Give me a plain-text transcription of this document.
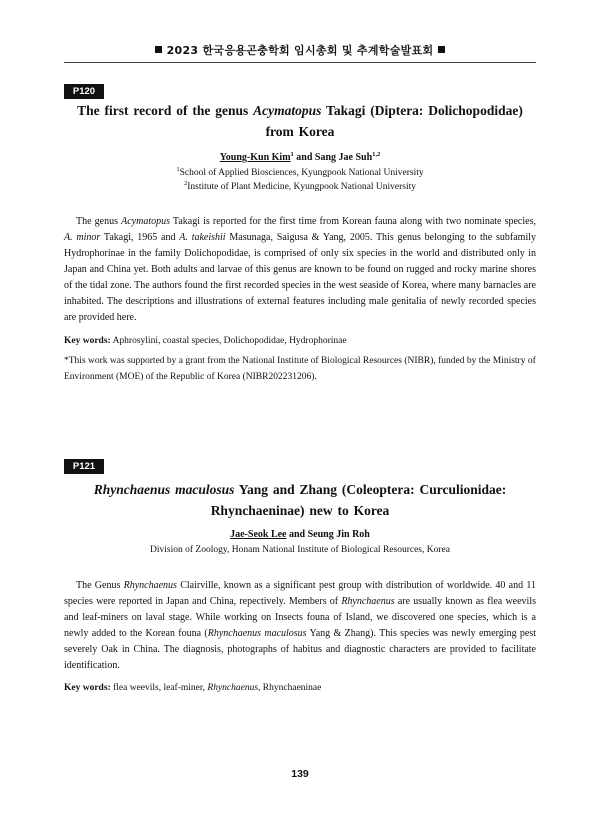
2023 한국응용곤충학회 임시총회 및 추계학술발표회
P120
The first record of the genus Acymatopus Takagi (Diptera: Dolichopodidae) from Korea
Young-Kun Kim$^1$ and Sang Jae Suh$^{1,2}$
$^1$School of Applied Biosciences, Kyungpook National University
$^2$Institute of Plant Medicine, Kyungpook National University
The genus Acymatopus Takagi is reported for the first time from Korean fauna along with two nominate species, A. minor Takagi, 1965 and A. takeishii Masunaga, Saigusa & Yang, 2005. This genus belonging to the subfamily Hydrophorinae in the family Dolichopodidae, is comprised of only six species in the world and distributed only in Japan and China yet. Both adults and larvae of this genus are known to be found on rugged and rocky marine shores of the tidal zone. The authors found the first recorded species in the west seaside of Korea, where many barnacles are inhabited. The descriptions and illustrations of external features including male genitalia of newly recorded species are provided here.
Key words: Aphrosylini, coastal species, Dolichopodidae, Hydrophorinae
*This work was supported by a grant from the National Institute of Biological Resources (NIBR), funded by the Ministry of Environment (MOE) of the Republic of Korea (NIBR202231206).
P121
Rhynchaenus maculosus Yang and Zhang (Coleoptera: Curculionidae: Rhynchaeninae) new to Korea
Jae-Seok Lee and Seung Jin Roh
Division of Zoology, Honam National Institute of Biological Resources, Korea
The Genus Rhynchaenus Clairville, known as a significant pest group with distribution of worldwide. 40 and 11 species were reported in Japan and China, repectively. Members of Rhynchaenus are usually known as flea weevils and leaf-miners on laval stage. While working on Insects founa of Island, we discovered one species, which is a newly added to the Korean founa (Rhynchaenus maculosus Yang & Zhang). This species was newly emerging pest severely Oak in China. The diagnosis, photographs of habitus and diagnostic characters are provided to facilitate identification.
Key words: flea weevils, leaf-miner, Rhynchaenus, Rhynchaeninae
139
